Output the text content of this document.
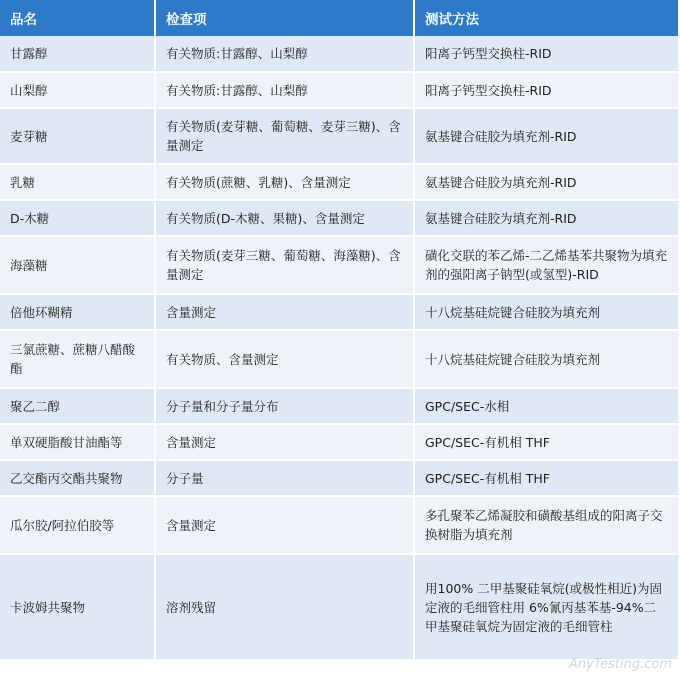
品名	检查项	测试方法
甘露醇	有关物质:甘露醇、山梨醇	阳离子钙型交换柱-RID
山梨醇	有关物质:甘露醇、山梨醇	阳离子钙型交换柱-RID
麦芽糖	有关物质(麦芽糖、葡萄糖、麦芽三糖)、含量测定	氨基键合硅胶为填充剂-RID
乳糖	有关物质(蔗糖、乳糖)、含量测定	氨基键合硅胶为填充剂-RID
D-木糖	有关物质(D-木糖、果糖)、含量测定	氨基键合硅胶为填充剂-RID
海藻糖	有关物质(麦芽三糖、葡萄糖、海藻糖)、含量测定	磺化交联的苯乙烯-二乙烯基苯共聚物为填充剂的强阳离子钠型(或氢型)-RID
倍他环糊精	含量测定	十八烷基硅烷键合硅胶为填充剂
三氯蔗糖、蔗糖八醋酸酯	有关物质、含量测定	十八烷基硅烷键合硅胶为填充剂
聚乙二醇	分子量和分子量分布	GPC/SEC-水相
单双硬脂酸甘油酯等	含量测定	GPC/SEC-有机相 THF
乙交酯丙交酯共聚物	分子量	GPC/SEC-有机相 THF
瓜尔胶/阿拉伯胶等	含量测定	多孔聚苯乙烯凝胶和磺酸基组成的阳离子交换树脂为填充剂
卡波姆共聚物	溶剂残留	用100% 二甲基聚硅氧烷(或极性相近)为固定液的毛细管柱用 6%氰丙基苯基-94%二甲基聚硅氧烷为固定液的毛细管柱
AnyTesting.com
